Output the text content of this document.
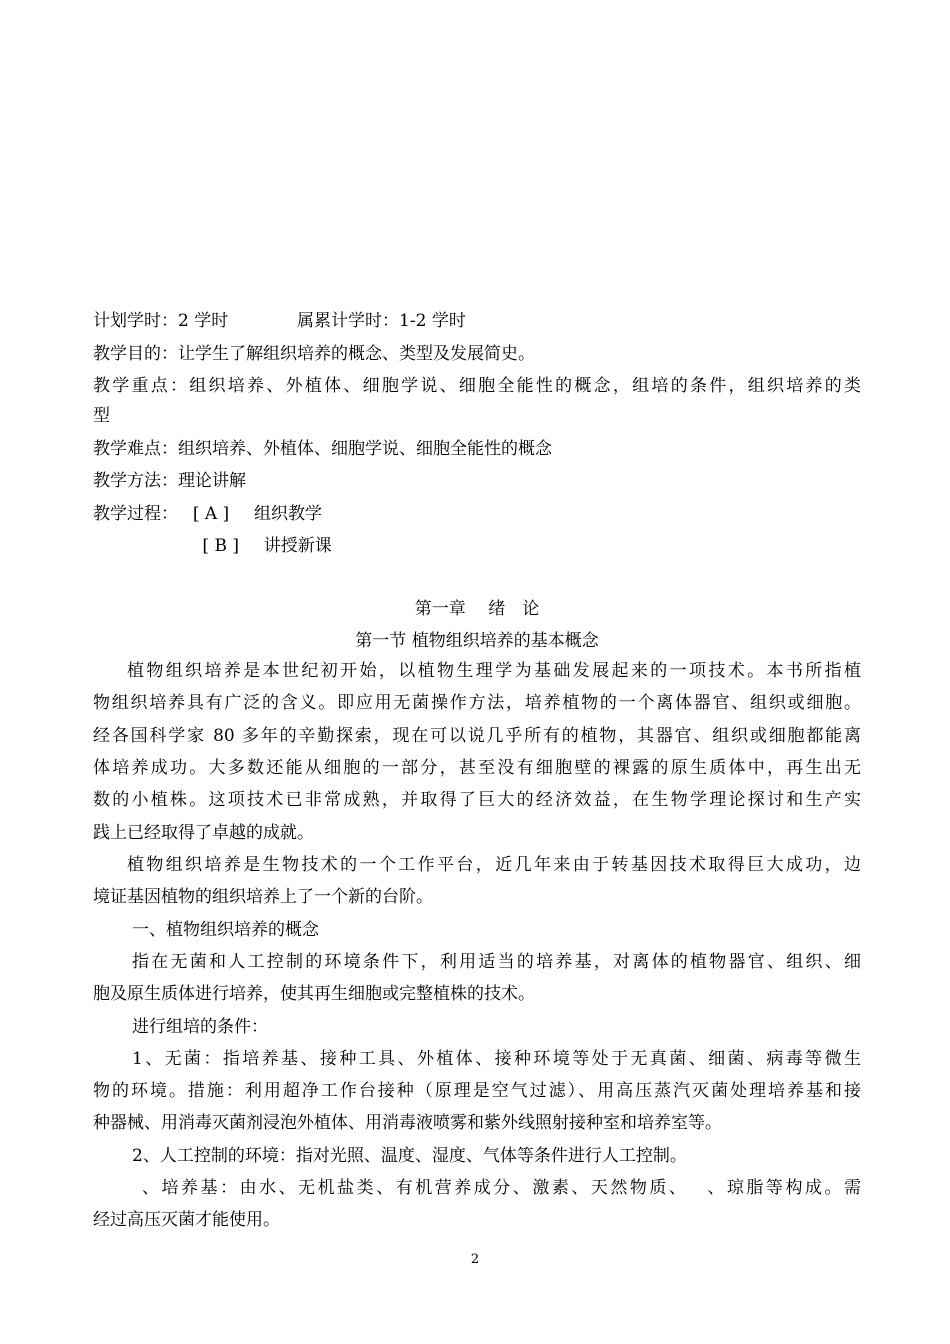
计划学时：2 学时	属累计学时：1-2 学时
教学目的：让学生了解组织培养的概念、类型及发展简史。
教学重点：组织培养、外植体、细胞学说、细胞全能性的概念，组培的条件，组织培养的类
型
教学难点：组织培养、外植体、细胞学说、细胞全能性的概念
教学方法：理论讲解
教学过程： [ A ] 组织教学
[ B ] 讲授新课
第一章　 绪　论
第一节 植物组织培养的基本概念
植物组织培养是本世纪初开始，以植物生理学为基础发展起来的一项技术。本书所指植
物组织培养具有广泛的含义。即应用无菌操作方法，培养植物的一个离体器官、组织或细胞。
经各国科学家 80 多年的辛勤探索，现在可以说几乎所有的植物，其器官、组织或细胞都能离
体培养成功。大多数还能从细胞的一部分，甚至没有细胞壁的裸露的原生质体中，再生出无
数的小植株。这项技术已非常成熟，并取得了巨大的经济效益，在生物学理论探讨和生产实
践上已经取得了卓越的成就。
植物组织培养是生物技术的一个工作平台，近几年来由于转基因技术取得巨大成功，边
境证基因植物的组织培养上了一个新的台阶。
一、植物组织培养的概念
指在无菌和人工控制的环境条件下，利用适当的培养基，对离体的植物器官、组织、细
胞及原生质体进行培养，使其再生细胞或完整植株的技术。
进行组培的条件：
1、无菌：指培养基、接种工具、外植体、接种环境等处于无真菌、细菌、病毒等微生
物的环境。措施：利用超净工作台接种（原理是空气过滤）、用高压蒸汽灭菌处理培养基和接
种器械、用消毒灭菌剂浸泡外植体、用消毒液喷雾和紫外线照射接种室和培养室等。
2、人工控制的环境：指对光照、温度、湿度、气体等条件进行人工控制。
、培养基：由水、无机盐类、有机营养成分、激素、天然物质、　 、琼脂等构成。需
经过高压灭菌才能使用。
2
